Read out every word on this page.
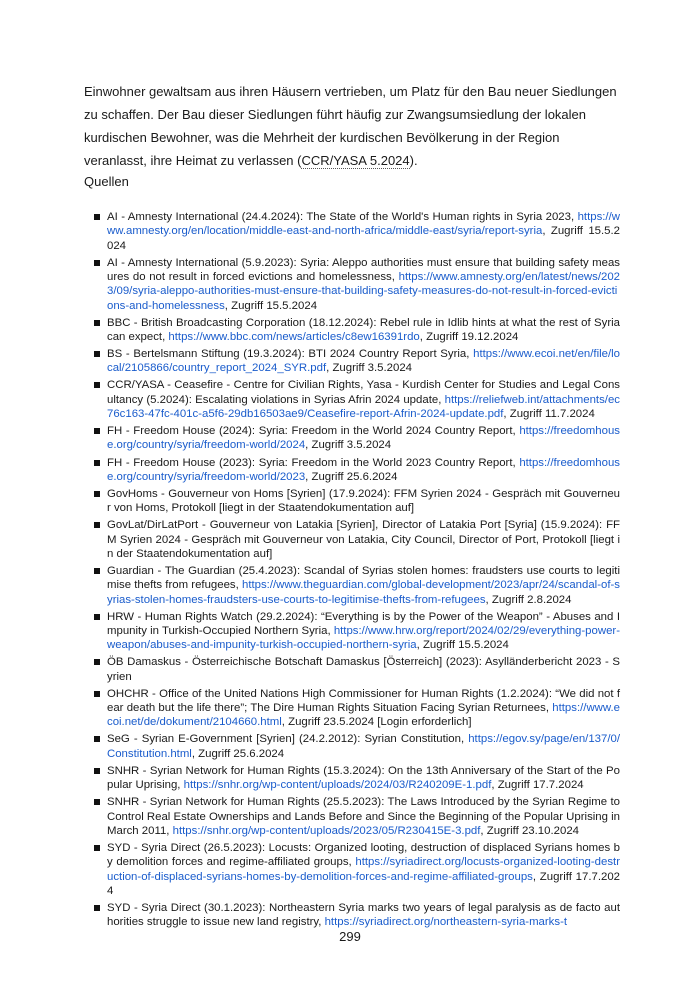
Einwohner gewaltsam aus ihren Häusern vertrieben, um Platz für den Bau neuer Siedlungen zu schaffen. Der Bau dieser Siedlungen führt häufig zur Zwangsumsiedlung der lokalen kurdischen Bewohner, was die Mehrheit der kurdischen Bevölkerung in der Region veranlasst, ihre Heimat zu verlassen (CCR/YASA 5.2024).

Quellen

AI - Amnesty International (24.4.2024): The State of the World's Human rights in Syria 2023, https://www.amnesty.org/en/location/middle-east-and-north-africa/middle-east/syria/report-syria, Zugriff 15.5.2024
AI - Amnesty International (5.9.2023): Syria: Aleppo authorities must ensure that building safety measures do not result in forced evictions and homelessness, https://www.amnesty.org/en/latest/news/2023/09/syria-aleppo-authorities-must-ensure-that-building-safety-measures-do-not-result-in-forced-evictions-and-homelessness, Zugriff 15.5.2024
BBC - British Broadcasting Corporation (18.12.2024): Rebel rule in Idlib hints at what the rest of Syria can expect, https://www.bbc.com/news/articles/c8ew16391rdo, Zugriff 19.12.2024
BS - Bertelsmann Stiftung (19.3.2024): BTI 2024 Country Report Syria, https://www.ecoi.net/en/file/local/2105866/country_report_2024_SYR.pdf, Zugriff 3.5.2024
CCR/YASA - Ceasefire - Centre for Civilian Rights, Yasa - Kurdish Center for Studies and Legal Consultancy (5.2024): Escalating violations in Syrias Afrin 2024 update, https://reliefweb.int/attachments/ec76c163-47fc-401c-a5f6-29db16503ae9/Ceasefire-report-Afrin-2024-update.pdf, Zugriff 11.7.2024
FH - Freedom House (2024): Syria: Freedom in the World 2024 Country Report, https://freedomhouse.org/country/syria/freedom-world/2024, Zugriff 3.5.2024
FH - Freedom House (2023): Syria: Freedom in the World 2023 Country Report, https://freedomhouse.org/country/syria/freedom-world/2023, Zugriff 25.6.2024
GovHoms - Gouverneur von Homs [Syrien] (17.9.2024): FFM Syrien 2024 - Gespräch mit Gouverneur von Homs, Protokoll [liegt in der Staatendokumentation auf]
GovLat/DirLatPort - Gouverneur von Latakia [Syrien], Director of Latakia Port [Syria] (15.9.2024): FFM Syrien 2024 - Gespräch mit Gouverneur von Latakia, City Council, Director of Port, Protokoll [liegt in der Staatendokumentation auf]
Guardian - The Guardian (25.4.2023): Scandal of Syrias stolen homes: fraudsters use courts to legitimise thefts from refugees, https://www.theguardian.com/global-development/2023/apr/24/scandal-of-syrias-stolen-homes-fraudsters-use-courts-to-legitimise-thefts-from-refugees, Zugriff 2.8.2024
HRW - Human Rights Watch (29.2.2024): “Everything is by the Power of the Weapon” - Abuses and Impunity in Turkish-Occupied Northern Syria, https://www.hrw.org/report/2024/02/29/everything-power-weapon/abuses-and-impunity-turkish-occupied-northern-syria, Zugriff 15.5.2024
ÖB Damaskus - Österreichische Botschaft Damaskus [Österreich] (2023): Asylländerbericht 2023 - Syrien
OHCHR - Office of the United Nations High Commissioner for Human Rights (1.2.2024): “We did not fear death but the life there”; The Dire Human Rights Situation Facing Syrian Returnees, https://www.ecoi.net/de/dokument/2104660.html, Zugriff 23.5.2024 [Login erforderlich]
SeG - Syrian E-Government [Syrien] (24.2.2012): Syrian Constitution, https://egov.sy/page/en/137/0/Constitution.html, Zugriff 25.6.2024
SNHR - Syrian Network for Human Rights (15.3.2024): On the 13th Anniversary of the Start of the Popular Uprising, https://snhr.org/wp-content/uploads/2024/03/R240209E-1.pdf, Zugriff 17.7.2024
SNHR - Syrian Network for Human Rights (25.5.2023): The Laws Introduced by the Syrian Regime to Control Real Estate Ownerships and Lands Before and Since the Beginning of the Popular Uprising in March 2011, https://snhr.org/wp-content/uploads/2023/05/R230415E-3.pdf, Zugriff 23.10.2024
SYD - Syria Direct (26.5.2023): Locusts: Organized looting, destruction of displaced Syrians homes by demolition forces and regime-affiliated groups, https://syriadirect.org/locusts-organized-looting-destruction-of-displaced-syrians-homes-by-demolition-forces-and-regime-affiliated-groups, Zugriff 17.7.2024
SYD - Syria Direct (30.1.2023): Northeastern Syria marks two years of legal paralysis as de facto authorities struggle to issue new land registry, https://syriadirect.org/northeastern-syria-marks-t
299
